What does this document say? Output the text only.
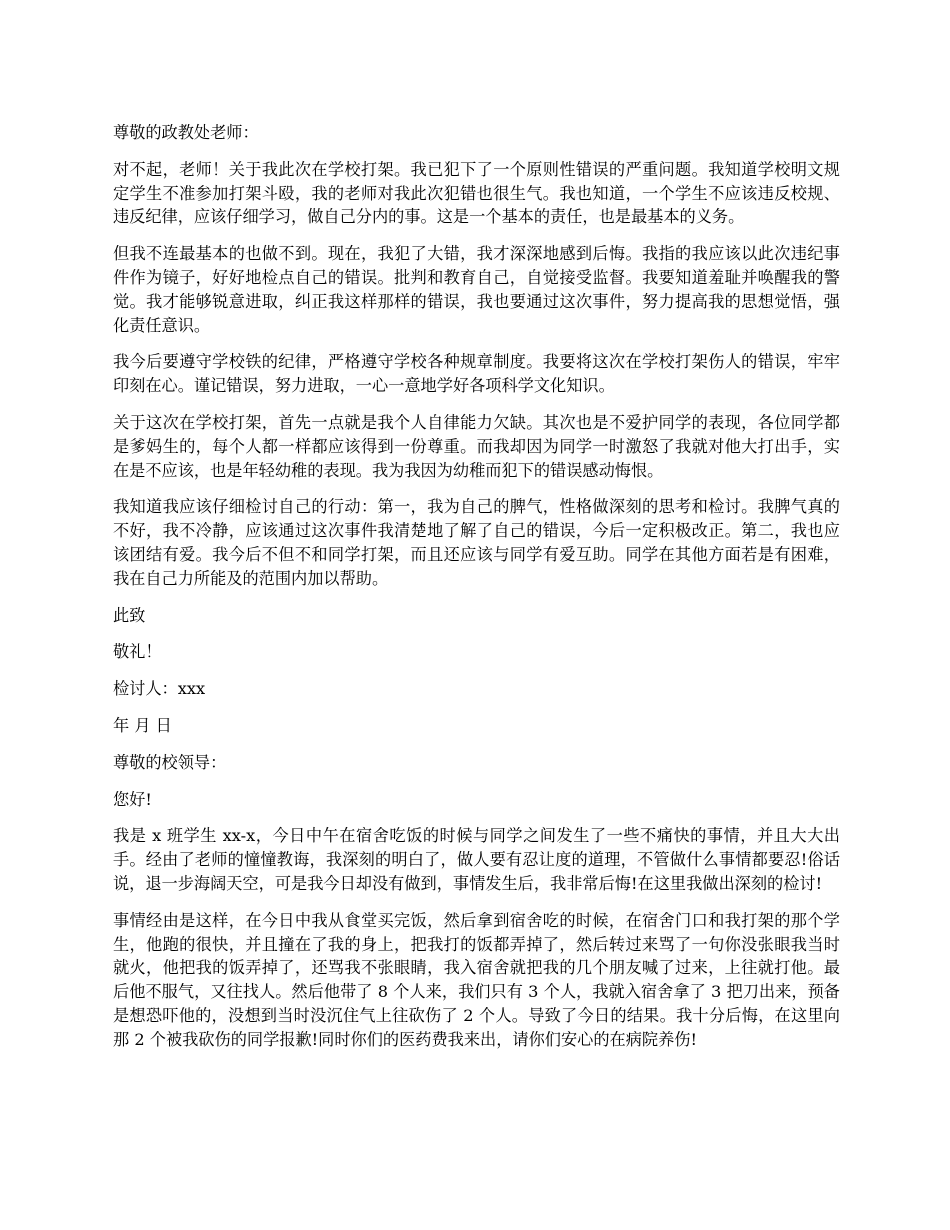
尊敬的政教处老师：

对不起，老师！关于我此次在学校打架。我已犯下了一个原则性错误的严重问题。我知道学校明文规定学生不准参加打架斗殴，我的老师对我此次犯错也很生气。我也知道，一个学生不应该违反校规、违反纪律，应该仔细学习，做自己分内的事。这是一个基本的责任，也是最基本的义务。

但我不连最基本的也做不到。现在，我犯了大错，我才深深地感到后悔。我指的我应该以此次违纪事件作为镜子，好好地检点自己的错误。批判和教育自己，自觉接受监督。我要知道羞耻并唤醒我的警觉。我才能够锐意进取，纠正我这样那样的错误，我也要通过这次事件，努力提高我的思想觉悟，强化责任意识。

我今后要遵守学校铁的纪律，严格遵守学校各种规章制度。我要将这次在学校打架伤人的错误，牢牢印刻在心。谨记错误，努力进取，一心一意地学好各项科学文化知识。

关于这次在学校打架，首先一点就是我个人自律能力欠缺。其次也是不爱护同学的表现，各位同学都是爹妈生的，每个人都一样都应该得到一份尊重。而我却因为同学一时激怒了我就对他大打出手，实在是不应该，也是年轻幼稚的表现。我为我因为幼稚而犯下的错误感动悔恨。

我知道我应该仔细检讨自己的行动：第一，我为自己的脾气，性格做深刻的思考和检讨。我脾气真的不好，我不冷静，应该通过这次事件我清楚地了解了自己的错误，今后一定积极改正。第二，我也应该团结有爱。我今后不但不和同学打架，而且还应该与同学有爱互助。同学在其他方面若是有困难，我在自己力所能及的范围内加以帮助。

此致

敬礼！

检讨人：xxx

年 月 日

尊敬的校领导：

您好!

我是 x 班学生 xx-x，今日中午在宿舍吃饭的时候与同学之间发生了一些不痛快的事情，并且大大出手。经由了老师的憧憧教诲，我深刻的明白了，做人要有忍让度的道理，不管做什么事情都要忍!俗话说，退一步海阔天空，可是我今日却没有做到，事情发生后，我非常后悔!在这里我做出深刻的检讨!

事情经由是这样，在今日中我从食堂买完饭，然后拿到宿舍吃的时候，在宿舍门口和我打架的那个学生，他跑的很快，并且撞在了我的身上，把我打的饭都弄掉了，然后转过来骂了一句你没张眼我当时就火，他把我的饭弄掉了，还骂我不张眼睛，我入宿舍就把我的几个朋友喊了过来，上往就打他。最后他不服气，又往找人。然后他带了 8 个人来，我们只有 3 个人，我就入宿舍拿了 3 把刀出来，预备是想恐吓他的，没想到当时没沉住气上往砍伤了 2 个人。导致了今日的结果。我十分后悔，在这里向那 2 个被我砍伤的同学报歉!同时你们的医药费我来出，请你们安心的在病院养伤!
